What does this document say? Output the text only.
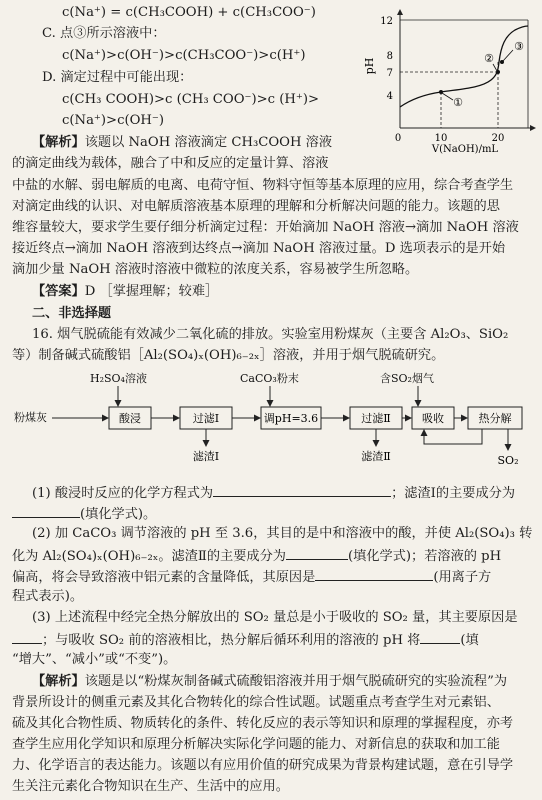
c(Na⁺) = c(CH₃COOH) + c(CH₃COO⁻)
C. 点③所示溶液中：
c(Na⁺)>c(OH⁻)>c(CH₃COO⁻)>c(H⁺)
D. 滴定过程中可能出现：
c(CH₃ COOH)>c (CH₃ COO⁻)>c (H⁺)>
c(Na⁺)>c(OH⁻)
pH
12
8
7
4
0	10	20
V(NaOH)/mL
①
②
③
【解析】该题以 NaOH 溶液滴定 CH₃COOH 溶液
的滴定曲线为载体，融合了中和反应的定量计算、溶液
中盐的水解、弱电解质的电离、电荷守恒、物料守恒等基本原理的应用，综合考查学生
对滴定曲线的认识、对电解质溶液基本原理的理解和分析解决问题的能力。该题的思
维容量较大，要求学生要仔细分析滴定过程：开始滴加 NaOH 溶液→滴加 NaOH 溶液
接近终点→滴加 NaOH 溶液到达终点→滴加 NaOH 溶液过量。D 选项表示的是开始
滴加少量 NaOH 溶液时溶液中微粒的浓度关系，容易被学生所忽略。
【答案】D ［掌握理解；较难］
二、非选择题
16. 烟气脱硫能有效减少二氧化硫的排放。实验室用粉煤灰（主要含 Al₂O₃、SiO₂
等）制备碱式硫酸铝［Al₂(SO₄)ₓ(OH)₆₋₂ₓ］溶液，并用于烟气脱硫研究。
H₂SO₄溶液	CaCO₃粉末	含SO₂烟气
粉煤灰	酸浸	过滤Ⅰ
滤渣Ⅰ
调pH=3.6	过滤Ⅱ
滤渣Ⅱ
吸收	热分解
SO₂
(1) 酸浸时反应的化学方程式为	；滤渣Ⅰ的主要成分为
(填化学式)。
(2) 加 CaCO₃ 调节溶液的 pH 至 3.6，其目的是中和溶液中的酸，并使 Al₂(SO₄)₃ 转
化为 Al₂(SO₄)ₓ(OH)₆₋₂ₓ。滤渣Ⅱ的主要成分为	(填化学式)；若溶液的 pH
偏高，将会导致溶液中铝元素的含量降低，其原因是	(用离子方
程式表示)。
(3) 上述流程中经完全热分解放出的 SO₂ 量总是小于吸收的 SO₂ 量，其主要原因是
；与吸收 SO₂ 前的溶液相比，热分解后循环利用的溶液的 pH 将	(填
“增大”、“减小”或“不变”)。
【解析】该题是以“粉煤灰制备碱式硫酸铝溶液并用于烟气脱硫研究的实验流程”为
背景所设计的侧重元素及其化合物转化的综合性试题。试题重点考查学生对元素铝、
硫及其化合物性质、物质转化的条件、转化反应的表示等知识和原理的掌握程度，亦考
查学生应用化学知识和原理分析解决实际化学问题的能力、对新信息的获取和加工能
力、化学语言的表达能力。该题以有应用价值的研究成果为背景构建试题，意在引导学
生关注元素化合物知识在生产、生活中的应用。
